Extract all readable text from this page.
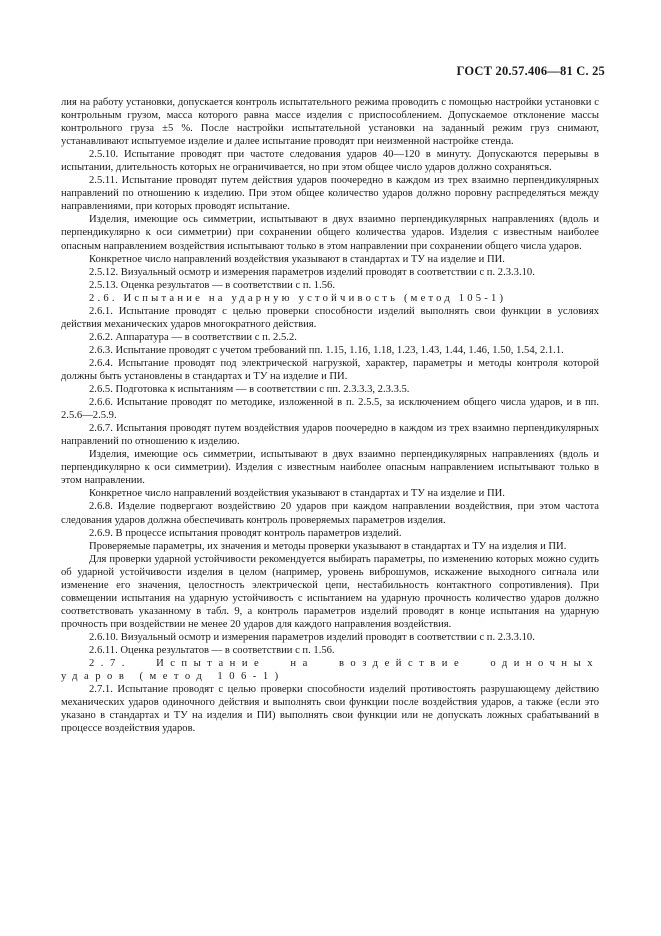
ГОСТ 20.57.406—81 С. 25

лия на работу установки, допускается контроль испытательного режима проводить с помощью настройки установки с контрольным грузом, масса которого равна массе изделия с приспособлением. Допускаемое отклонение массы контрольного груза ±5 %. После настройки испытательной установки на заданный режим груз снимают, устанавливают испытуемое изделие и далее испытание проводят при неизменной настройке стенда.

2.5.10. Испытание проводят при частоте следования ударов 40—120 в минуту. Допускаются перерывы в испытании, длительность которых не ограничивается, но при этом общее число ударов должно сохраняться.

2.5.11. Испытание проводят путем действия ударов поочередно в каждом из трех взаимно перпендикулярных направлений по отношению к изделию. При этом общее количество ударов должно поровну распределяться между направлениями, при которых проводят испытание.

Изделия, имеющие ось симметрии, испытывают в двух взаимно перпендикулярных направлениях (вдоль и перпендикулярно к оси симметрии) при сохранении общего количества ударов. Изделия с известным наиболее опасным направлением воздействия испытывают только в этом направлении при сохранении общего числа ударов.

Конкретное число направлений воздействия указывают в стандартах и ТУ на изделие и ПИ.

2.5.12. Визуальный осмотр и измерения параметров изделий проводят в соответствии с п. 2.3.3.10.

2.5.13. Оценка результатов — в соответствии с п. 1.56.

2.6. Испытание на ударную устойчивость (метод 105-1)

2.6.1. Испытание проводят с целью проверки способности изделий выполнять свои функции в условиях действия механических ударов многократного действия.

2.6.2. Аппаратура — в соответствии с п. 2.5.2.

2.6.3. Испытание проводят с учетом требований пп. 1.15, 1.16, 1.18, 1.23, 1.43, 1.44, 1.46, 1.50, 1.54, 2.1.1.

2.6.4. Испытание проводят под электрической нагрузкой, характер, параметры и методы контроля которой должны быть установлены в стандартах и ТУ на изделие и ПИ.

2.6.5. Подготовка к испытаниям — в соответствии с пп. 2.3.3.3, 2.3.3.5.

2.6.6. Испытание проводят по методике, изложенной в п. 2.5.5, за исключением общего числа ударов, и в пп. 2.5.6—2.5.9.

2.6.7. Испытания проводят путем воздействия ударов поочередно в каждом из трех взаимно перпендикулярных направлений по отношению к изделию.

Изделия, имеющие ось симметрии, испытывают в двух взаимно перпендикулярных направлениях (вдоль и перпендикулярно к оси симметрии). Изделия с известным наиболее опасным направлением испытывают только в этом направлении.

Конкретное число направлений воздействия указывают в стандартах и ТУ на изделие и ПИ.

2.6.8. Изделие подвергают воздействию 20 ударов при каждом направлении воздействия, при этом частота следования ударов должна обеспечивать контроль проверяемых параметров изделия.

2.6.9. В процессе испытания проводят контроль параметров изделий.

Проверяемые параметры, их значения и методы проверки указывают в стандартах и ТУ на изделия и ПИ.

Для проверки ударной устойчивости рекомендуется выбирать параметры, по изменению которых можно судить об ударной устойчивости изделия в целом (например, уровень виброшумов, искажение выходного сигнала или изменение его значения, целостность электрической цепи, нестабильность контактного сопротивления). При совмещении испытания на ударную устойчивость с испытанием на ударную прочность количество ударов должно соответствовать указанному в табл. 9, а контроль параметров изделий проводят в конце испытания на ударную прочность при воздействии не менее 20 ударов для каждого направления воздействия.

2.6.10. Визуальный осмотр и измерения параметров изделий проводят в соответствии с п. 2.3.3.10.

2.6.11. Оценка результатов — в соответствии с п. 1.56.

2.7. Испытание на воздействие одиночных ударов (метод 106-1)

2.7.1. Испытание проводят с целью проверки способности изделий противостоять разрушающему действию механических ударов одиночного действия и выполнять свои функции после воздействия ударов, а также (если это указано в стандартах и ТУ на изделия и ПИ) выполнять свои функции или не допускать ложных срабатываний в процессе воздействия ударов.
